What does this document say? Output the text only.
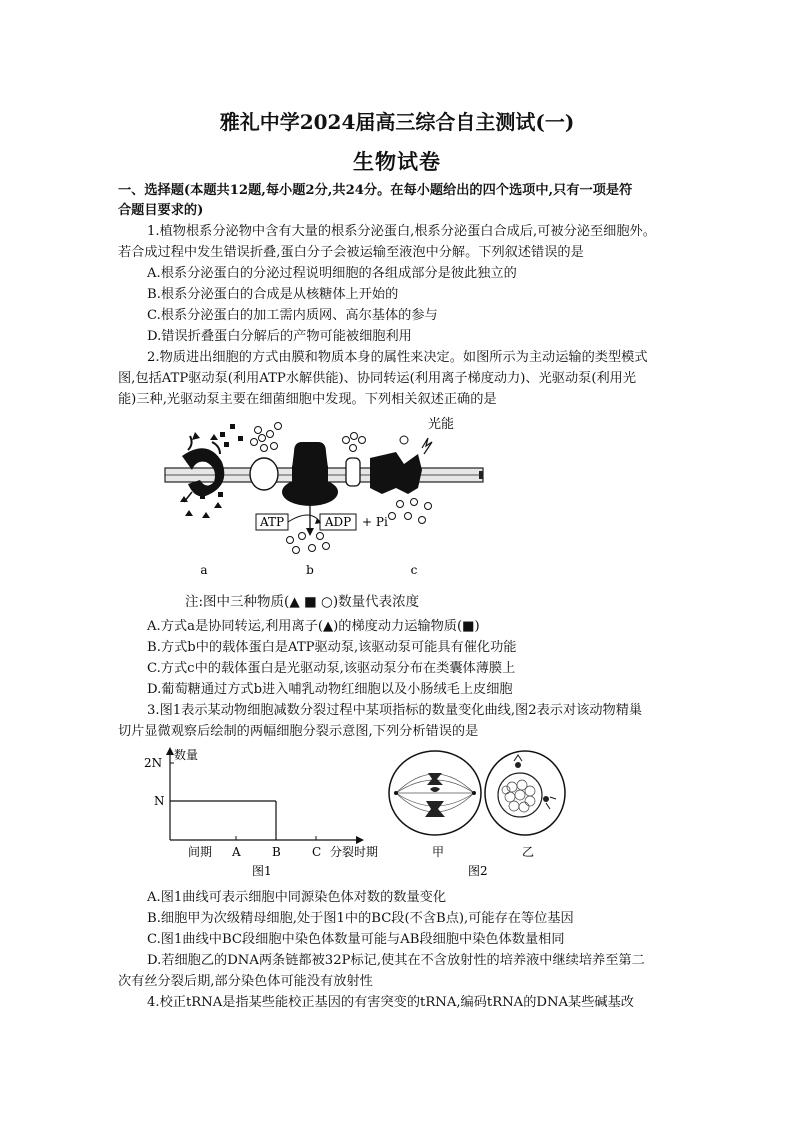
雅礼中学2024届高三综合自主测试(一)
生物试卷
一、选择题(本题共12题,每小题2分,共24分。在每小题给出的四个选项中,只有一项是符
合题目要求的)
1.植物根系分泌物中含有大量的根系分泌蛋白,根系分泌蛋白合成后,可被分泌至细胞外。
若合成过程中发生错误折叠,蛋白分子会被运输至液泡中分解。下列叙述错误的是
A.根系分泌蛋白的分泌过程说明细胞的各组成部分是彼此独立的
B.根系分泌蛋白的合成是从核糖体上开始的
C.根系分泌蛋白的加工需内质网、高尔基体的参与
D.错误折叠蛋白分解后的产物可能被细胞利用
2.物质进出细胞的方式由膜和物质本身的属性来决定。如图所示为主动运输的类型模式
图,包括ATP驱动泵(利用ATP水解供能)、协同转运(利用离子梯度动力)、光驱动泵(利用光
能)三种,光驱动泵主要在细菌细胞中发现。下列相关叙述正确的是
ATP	ADP + Pi
光能
a	b	c
注:图中三种物质(▲ ■ ○)数量代表浓度
A.方式a是协同转运,利用离子(▲)的梯度动力运输物质(■)
B.方式b中的载体蛋白是ATP驱动泵,该驱动泵可能具有催化功能
C.方式c中的载体蛋白是光驱动泵,该驱动泵分布在类囊体薄膜上
D.葡萄糖通过方式b进入哺乳动物红细胞以及小肠绒毛上皮细胞
3.图1表示某动物细胞减数分裂过程中某项指标的数量变化曲线,图2表示对该动物精巢
切片显微观察后绘制的两幅细胞分裂示意图,下列分析错误的是
数量
2N
N
间期 A	B	C 分裂时期
图1
甲	乙
图2
A.图1曲线可表示细胞中同源染色体对数的数量变化
B.细胞甲为次级精母细胞,处于图1中的BC段(不含B点),可能存在等位基因
C.图1曲线中BC段细胞中染色体数量可能与AB段细胞中染色体数量相同
D.若细胞乙的DNA两条链都被32P标记,使其在不含放射性的培养液中继续培养至第二
次有丝分裂后期,部分染色体可能没有放射性
4.校正tRNA是指某些能校正基因的有害突变的tRNA,编码tRNA的DNA某些碱基改
